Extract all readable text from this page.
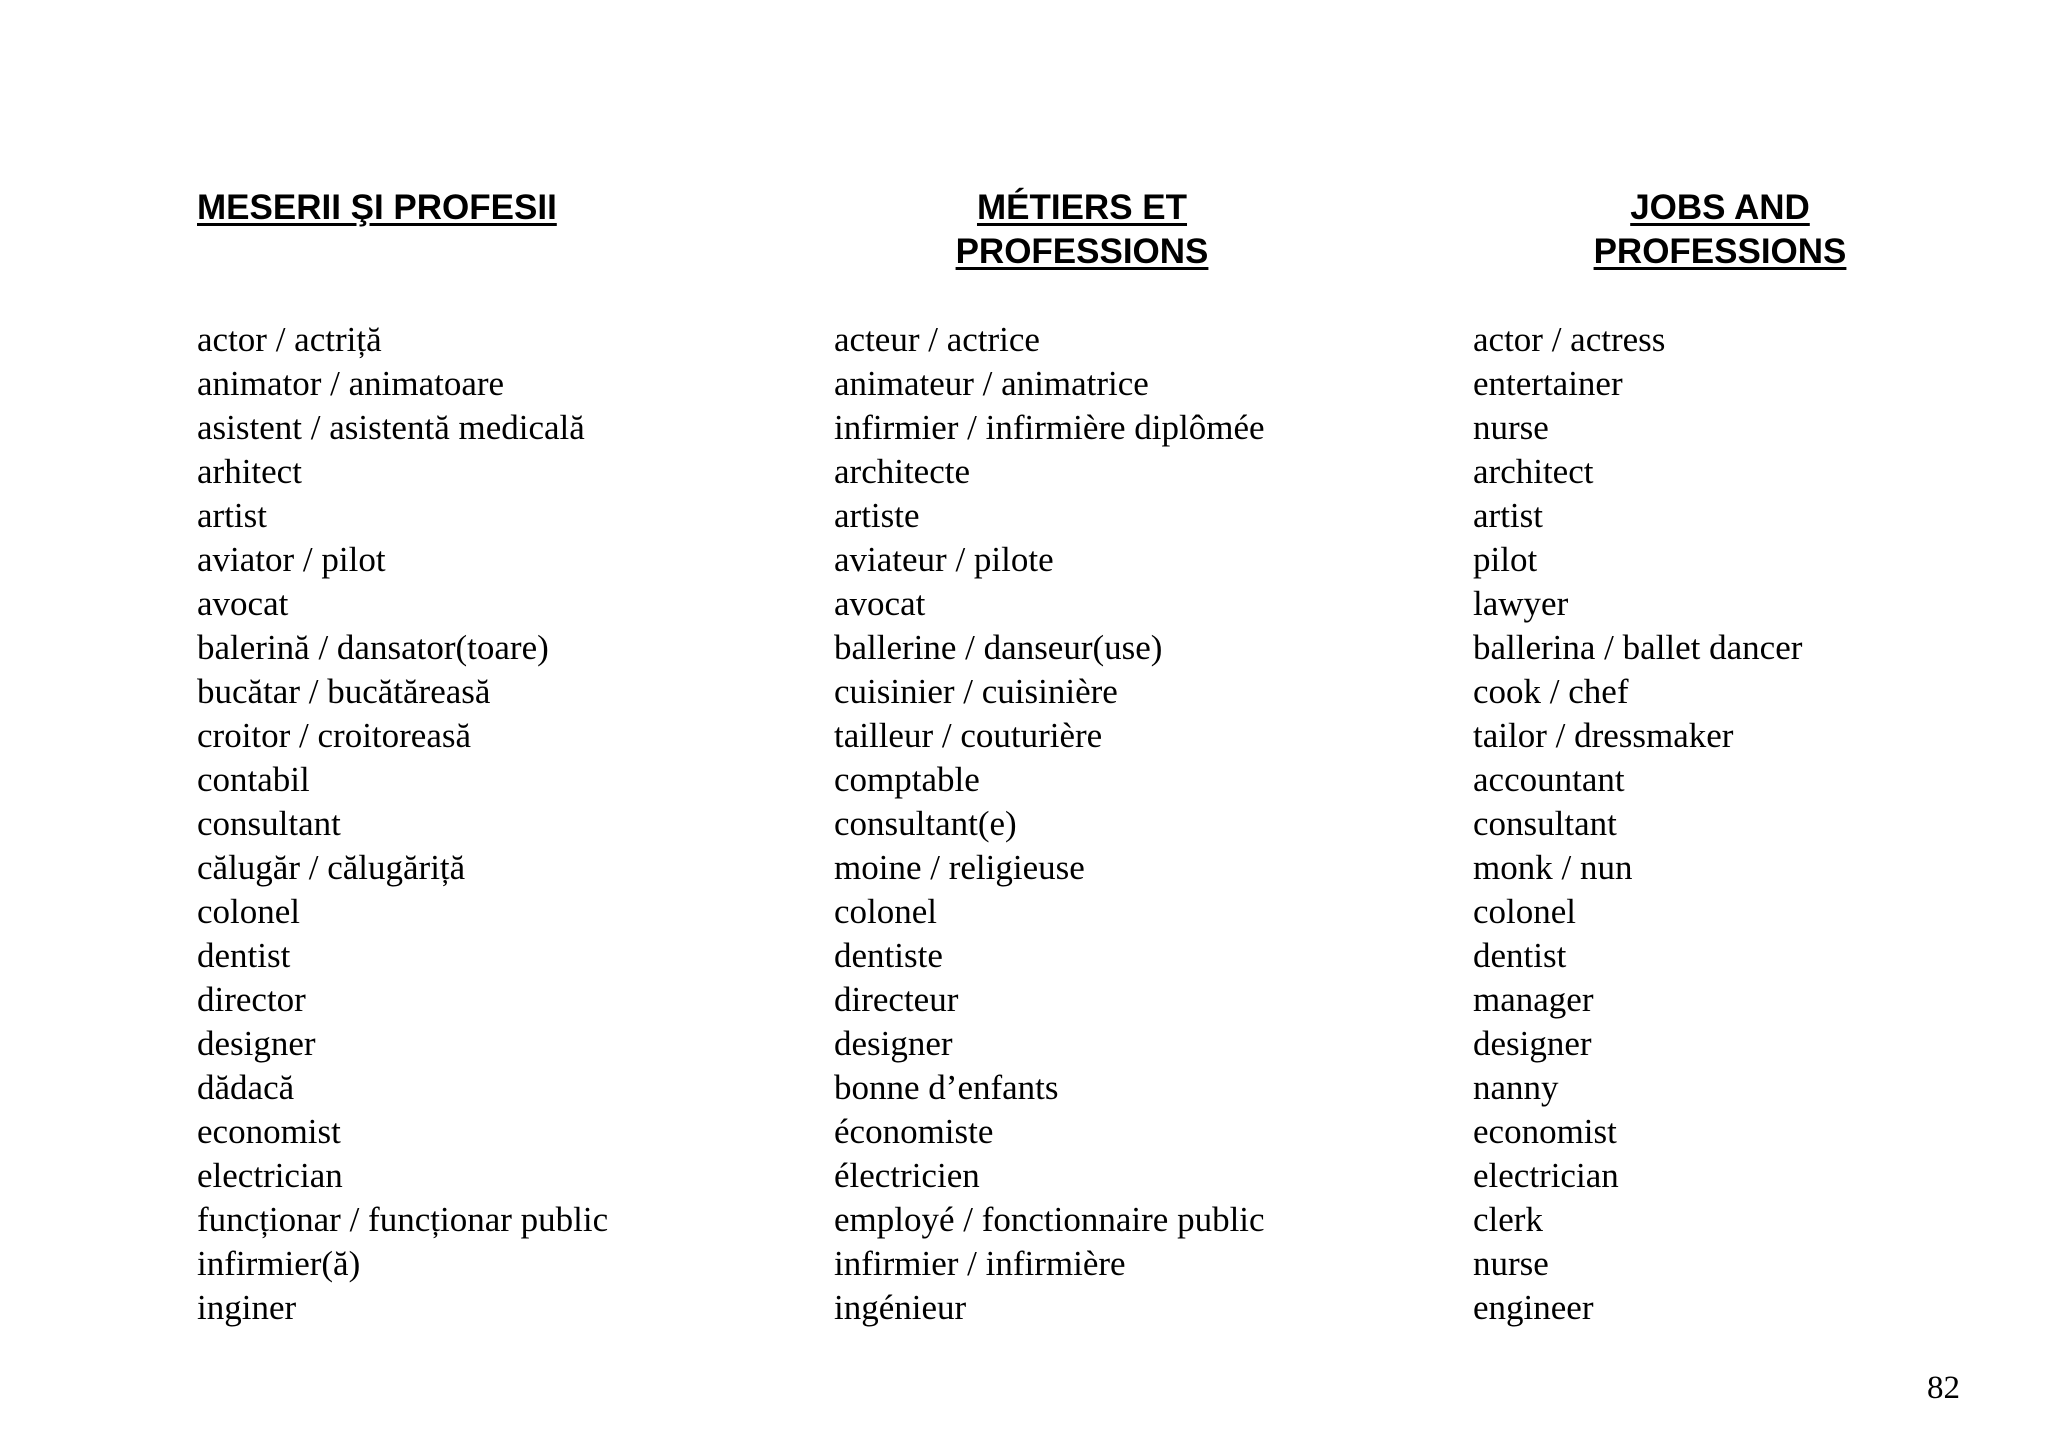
MESERII ŞI PROFESII	MÉTIERS ET
PROFESSIONS
JOBS AND
PROFESSIONS
actor / actriță
animator / animatoare
asistent / asistentă medicală
arhitect
artist
aviator / pilot
avocat
balerină / dansator(toare)
bucătar / bucătăreasă
croitor / croitoreasă
contabil
consultant
călugăr / călugăriță
colonel
dentist
director
designer
dădacă
economist
electrician
funcționar / funcționar public
infirmier(ă)
inginer
acteur / actrice
animateur / animatrice
infirmier / infirmière diplômée
architecte
artiste
aviateur / pilote
avocat
ballerine / danseur(use)
cuisinier / cuisinière
tailleur / couturière
comptable
consultant(e)
moine / religieuse
colonel
dentiste
directeur
designer
bonne d’enfants
économiste
électricien
employé / fonctionnaire public
infirmier / infirmière
ingénieur
actor / actress
entertainer
nurse
architect
artist
pilot
lawyer
ballerina / ballet dancer
cook / chef
tailor / dressmaker
accountant
consultant
monk / nun
colonel
dentist
manager
designer
nanny
economist
electrician
clerk
nurse
engineer
82
